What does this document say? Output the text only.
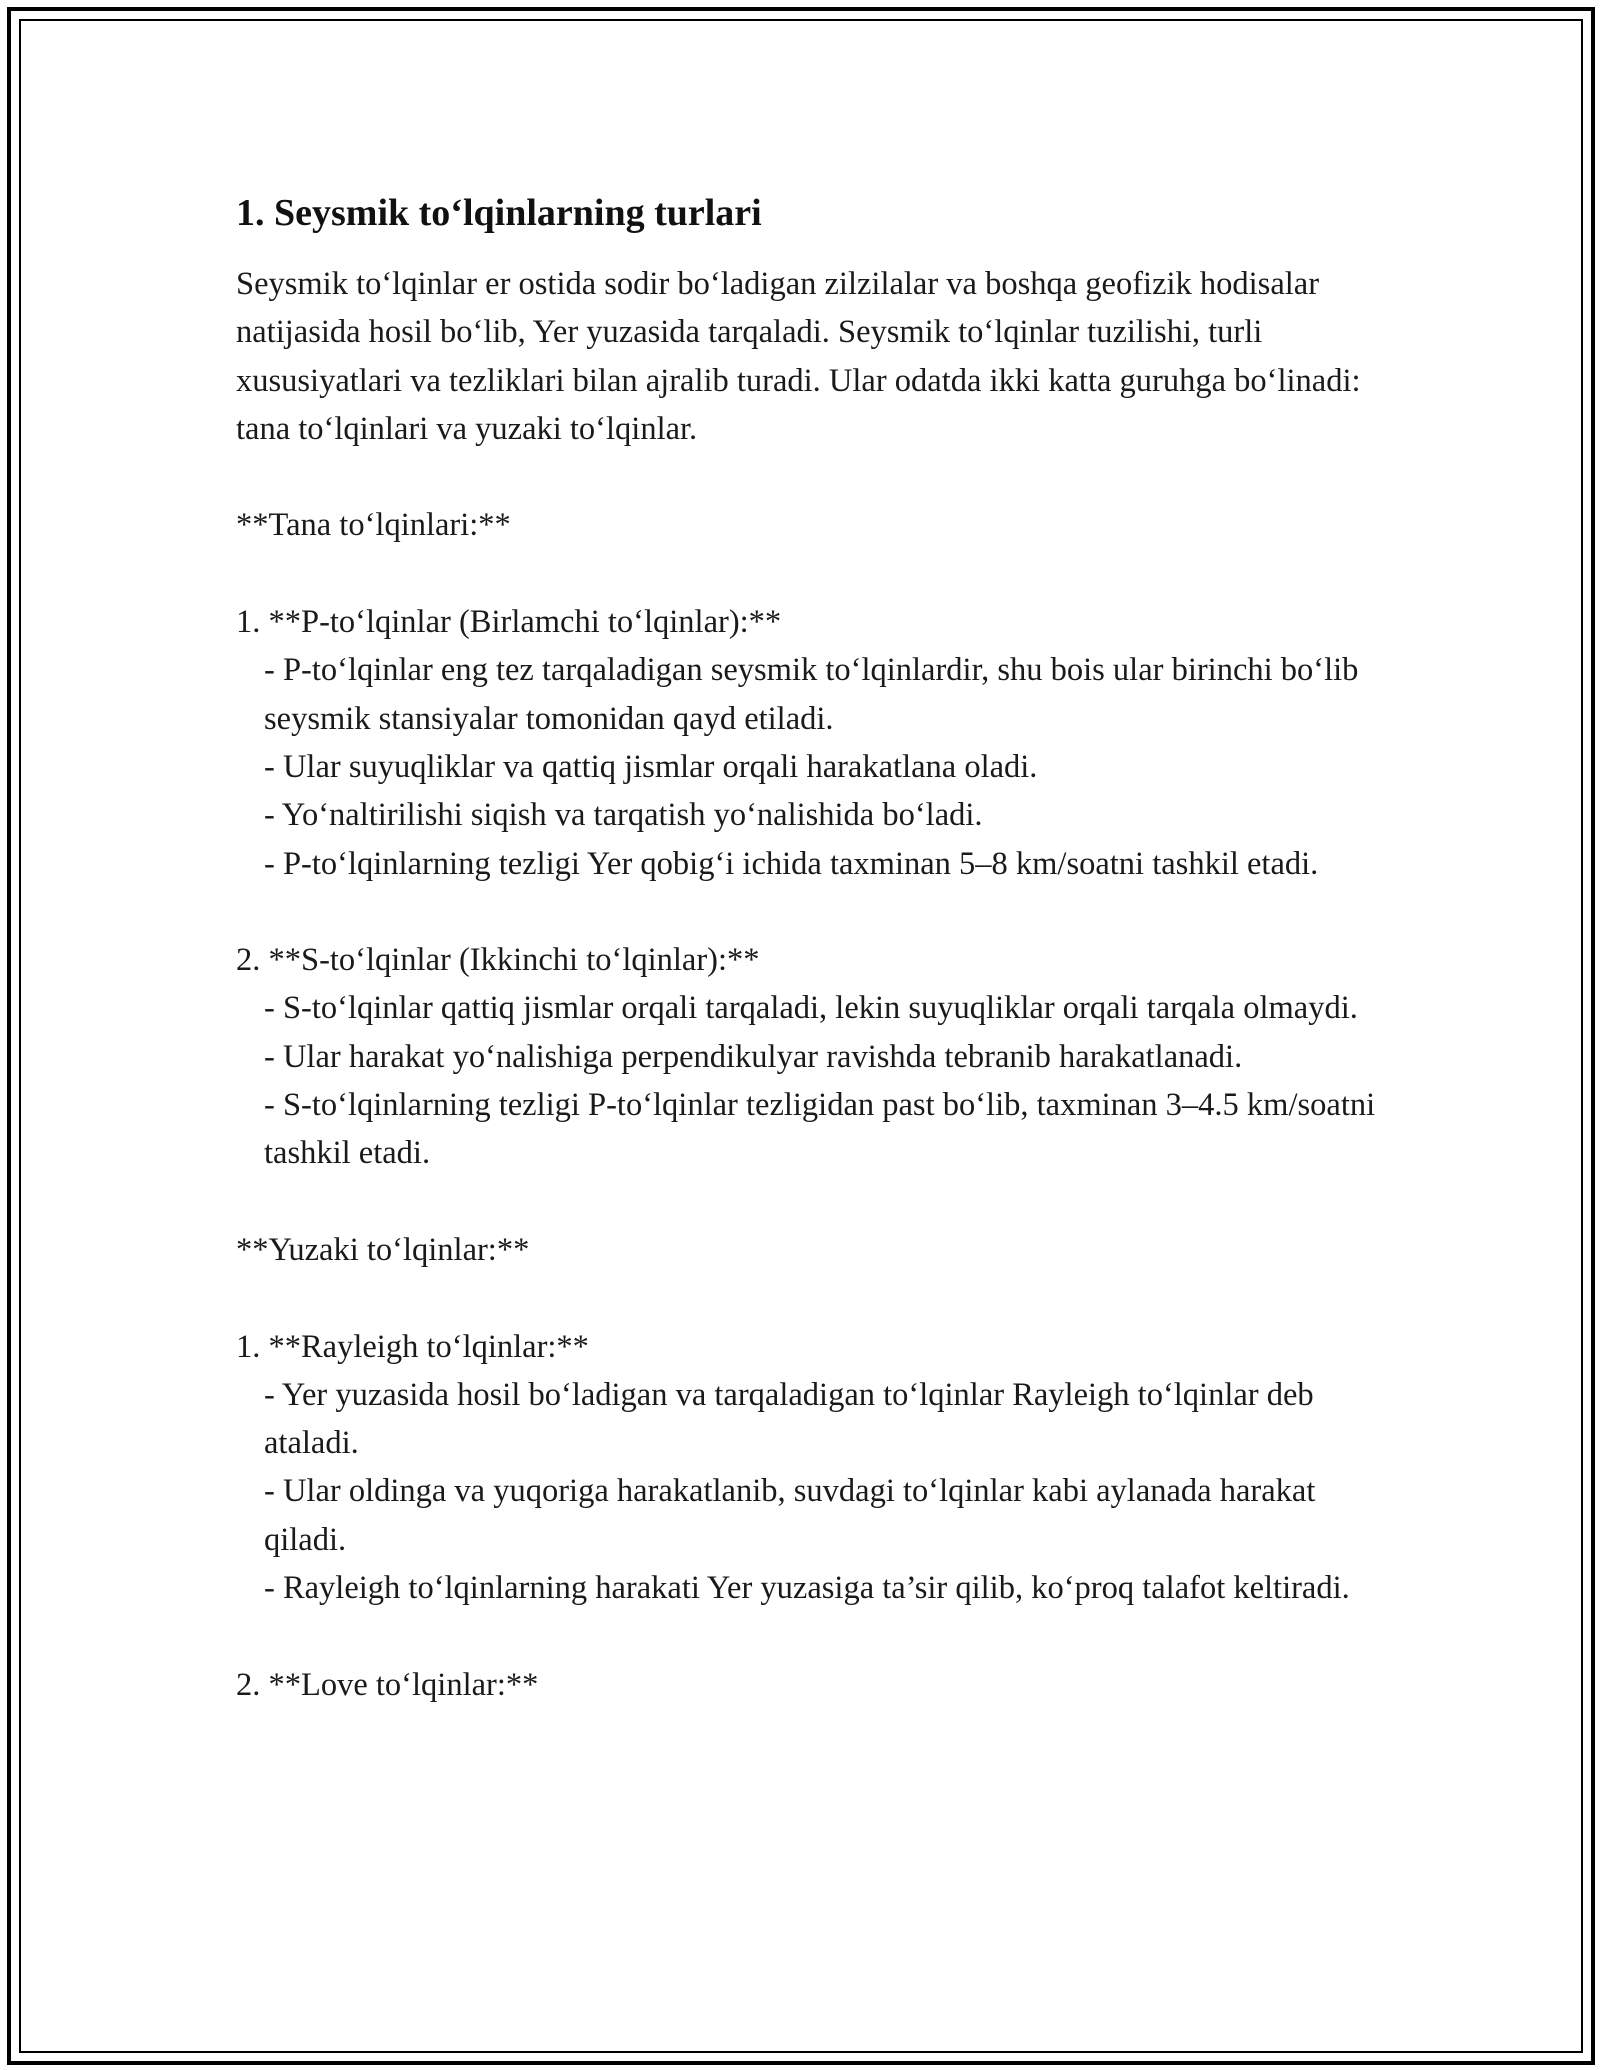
1. Seysmik to‘lqinlarning turlari

Seysmik to‘lqinlar er ostida sodir bo‘ladigan zilzilalar va boshqa geofizik hodisalar natijasida hosil bo‘lib, Yer yuzasida tarqaladi. Seysmik to‘lqinlar tuzilishi, turli xususiyatlari va tezliklari bilan ajralib turadi. Ular odatda ikki katta guruhga bo‘linadi: tana to‘lqinlari va yuzaki to‘lqinlar.

**Tana to‘lqinlari:**

1. **P-to‘lqinlar (Birlamchi to‘lqinlar):**

- P-to‘lqinlar eng tez tarqaladigan seysmik to‘lqinlardir, shu bois ular birinchi bo‘lib seysmik stansiyalar tomonidan qayd etiladi.

- Ular suyuqliklar va qattiq jismlar orqali harakatlana oladi.

- Yo‘naltirilishi siqish va tarqatish yo‘nalishida bo‘ladi.

- P-to‘lqinlarning tezligi Yer qobig‘i ichida taxminan 5–8 km/soatni tashkil etadi.

2. **S-to‘lqinlar (Ikkinchi to‘lqinlar):**

- S-to‘lqinlar qattiq jismlar orqali tarqaladi, lekin suyuqliklar orqali tarqala olmaydi.

- Ular harakat yo‘nalishiga perpendikulyar ravishda tebranib harakatlanadi.

- S-to‘lqinlarning tezligi P-to‘lqinlar tezligidan past bo‘lib, taxminan 3–4.5 km/soatni tashkil etadi.

**Yuzaki to‘lqinlar:**

1. **Rayleigh to‘lqinlar:**

- Yer yuzasida hosil bo‘ladigan va tarqaladigan to‘lqinlar Rayleigh to‘lqinlar deb ataladi.

- Ular oldinga va yuqoriga harakatlanib, suvdagi to‘lqinlar kabi aylanada harakat qiladi.

- Rayleigh to‘lqinlarning harakati Yer yuzasiga ta’sir qilib, ko‘proq talafot keltiradi.

2. **Love to‘lqinlar:**
